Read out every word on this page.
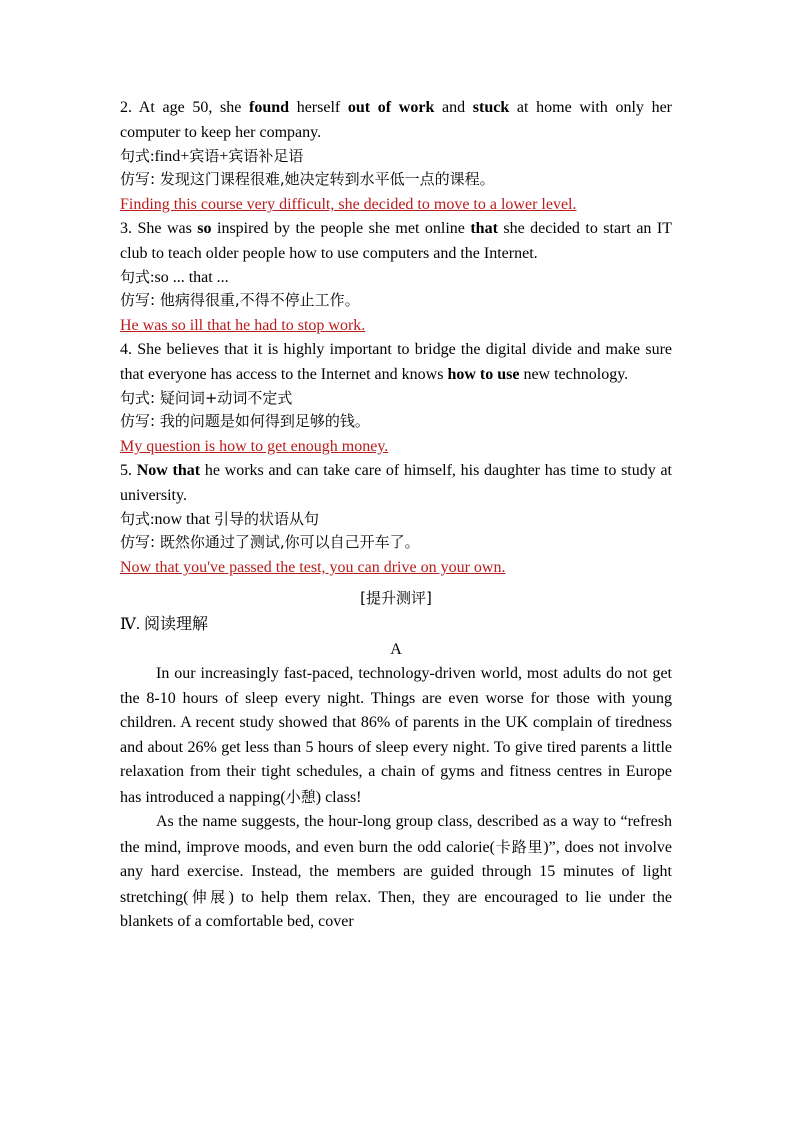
2. At age 50, she found herself out of work and stuck at home with only her computer to keep her company.

句式:find+宾语+宾语补足语

仿写: 发现这门课程很难,她决定转到水平低一点的课程。

Finding this course very difficult, she decided to move to a lower level.

3. She was so inspired by the people she met online that she decided to start an IT club to teach older people how to use computers and the Internet.

句式:so ... that ...

仿写: 他病得很重,不得不停止工作。

He was so ill that he had to stop work.

4. She believes that it is highly important to bridge the digital divide and make sure that everyone has access to the Internet and knows how to use new technology.

句式: 疑问词+动词不定式

仿写: 我的问题是如何得到足够的钱。

My question is how to get enough money.

5. Now that he works and can take care of himself, his daughter has time to study at university.

句式:now that 引导的状语从句

仿写: 既然你通过了测试,你可以自己开车了。

Now that you've passed the test, you can drive on your own.

[提升测评]

Ⅳ. 阅读理解

A

In our increasingly fast-paced, technology-driven world, most adults do not get the 8-10 hours of sleep every night. Things are even worse for those with young children. A recent study showed that 86% of parents in the UK complain of tiredness and about 26% get less than 5 hours of sleep every night. To give tired parents a little relaxation from their tight schedules, a chain of gyms and fitness centres in Europe has introduced a napping(小憩) class!

As the name suggests, the hour-long group class, described as a way to “refresh the mind, improve moods, and even burn the odd calorie(卡路里)”, does not involve any hard exercise. Instead, the members are guided through 15 minutes of light stretching(伸展) to help them relax. Then, they are encouraged to lie under the blankets of a comfortable bed, cover
